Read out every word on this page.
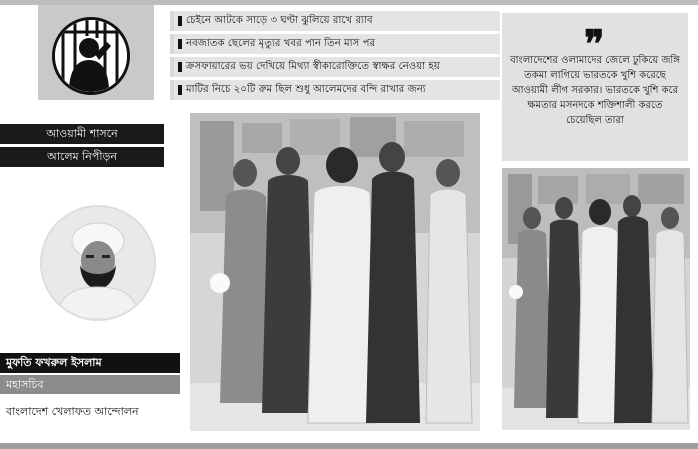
আওয়ামী শাসনে
আলেম নিপীড়ন
মুফতি ফখরুল ইসলাম
মহাসচিব
বাংলাদেশ খেলাফত আন্দোলন
চেইনে আটকে সাড়ে ৩ ঘণ্টা ঝুলিয়ে রাখে র‌্যাব
নবজাতক ছেলের মৃত্যুর খবর পান তিন মাস পর
ক্রসফায়ারের ভয় দেখিয়ে মিথ্যা স্বীকারোক্তিতে স্বাক্ষর নেওয়া হয়
মাটির নিচে ২০টি রুম ছিল শুধু আলেমদের বন্দি রাখার জন্য
❞
বাংলাদেশের ওলামাদের জেলে ঢুকিয়ে জঙ্গি তকমা লাগিয়ে ভারতকে খুশি করেছে আওয়ামী লীগ সরকার। ভারতকে খুশি করে ক্ষমতার মসনদকে শক্তিশালী করতে চেয়েছিল তারা
